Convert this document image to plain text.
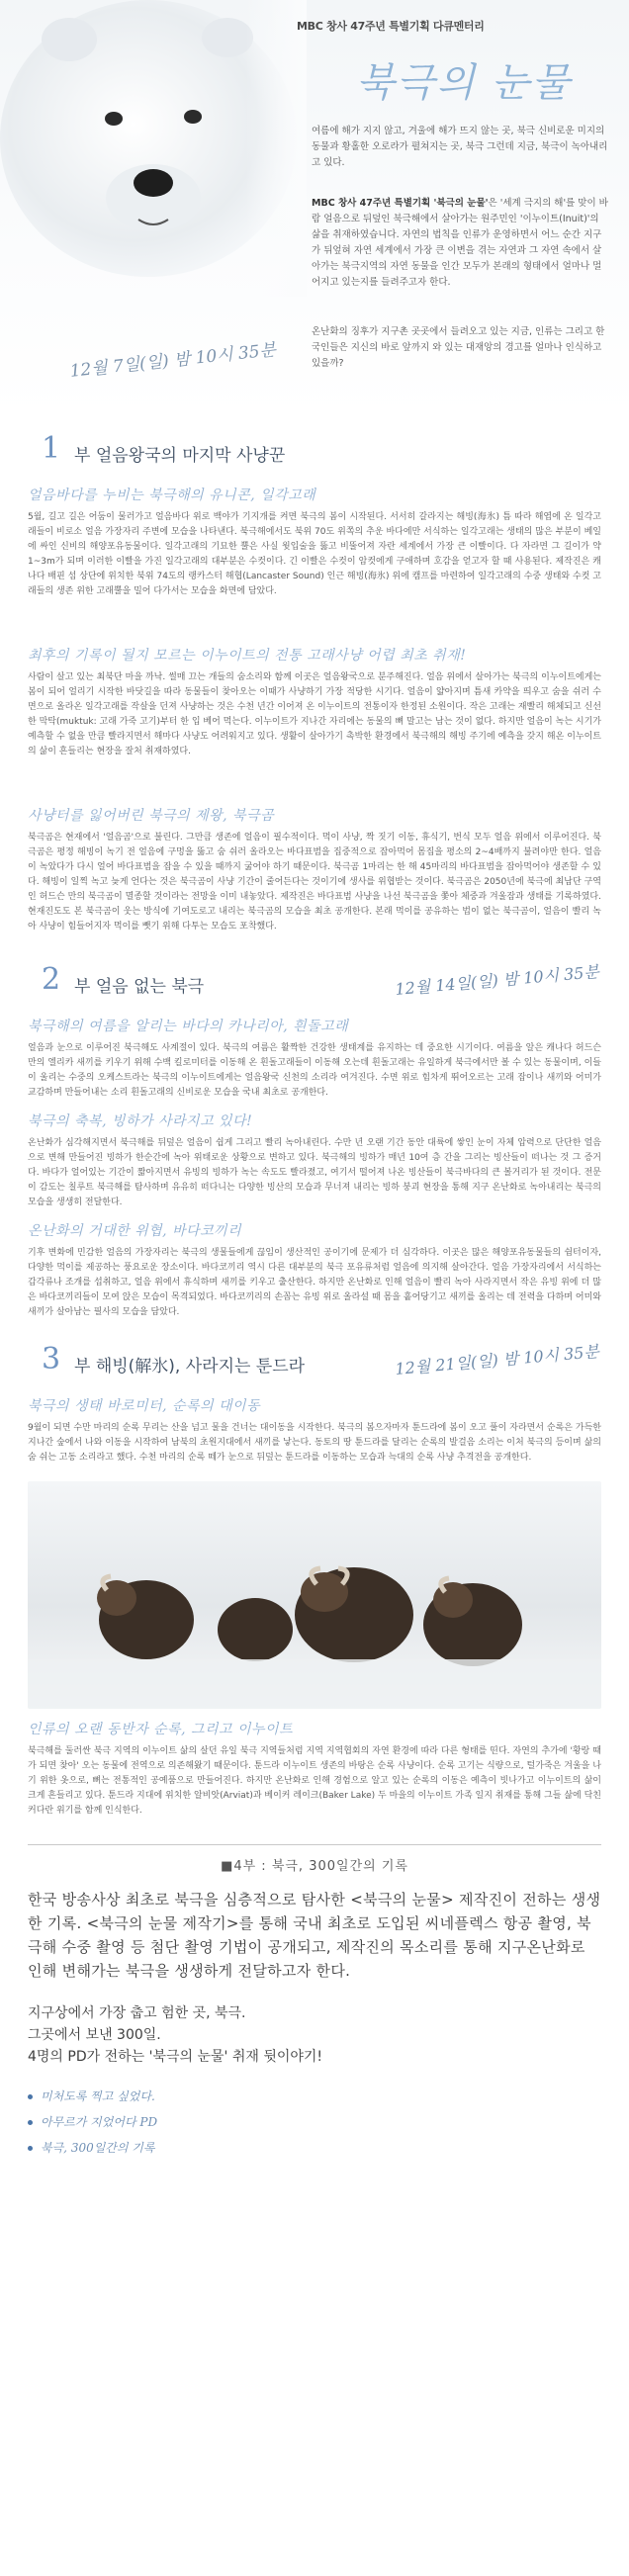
MBC 창사 47주년 특별기획 다큐멘터리
북극의 눈물

여름에 해가 지지 않고, 겨울에 해가 뜨지 않는 곳, 북극 신비로운 미지의 동물과 황홀한 오로라가 펼쳐지는 곳, 북극 그런데 지금, 북극이 녹아내리고 있다.

MBC 창사 47주년 특별기획 '북극의 눈물'은 '세계 극지의 해'를 맞이 바람 얼음으로 뒤덮인 북극해에서 살아가는 원주민인 '이누이트(Inuit)'의 삶을 취재하였습니다. 자연의 법칙을 인류가 운영하면서 어느 순간 지구가 뒤엎혀 자연 세계에서 가장 큰 이변을 겪는 자연과 그 자연 속에서 살아가는 북극지역의 자연 동물을 인간 모두가 본래의 형태에서 얼마나 멀어지고 있는지를 들려주고자 한다.

12월 7일(일) 밤 10시 35분

온난화의 징후가 지구촌 곳곳에서 들려오고 있는 지금, 인류는 그리고 한국인들은 지신의 바로 앞까지 와 있는 대재앙의 경고를 얼마나 인식하고 있을까?

1 부 얼음왕국의 마지막 사냥꾼
얼음바다를 누비는 북극해의 유니콘, 일각고래

5월, 길고 길은 어둠이 물러가고 얼음바다 위로 백야가 기지개를 켜면 북극의 봄이 시작된다. 서서히 갈라지는 해빙(海氷) 틈 따라 해엽에 온 일각고래들이 비로소 얼음 가장자리 주변에 모습을 나타낸다. 북극해에서도 북위 70도 위쪽의 추운 바다에만 서식하는 일각고래는 생태의 많은 부분이 베일에 싸인 신비의 해양포유동물이다. 일각고래의 기묘한 뿔은 사실 윗입술을 뚫고 비뚤어져 자란 세계에서 가장 큰 이빨이다. 다 자라면 그 길이가 약 1~3m가 되며 이러한 이빨을 가진 일각고래의 대부분은 수컷이다. 긴 이빨은 수컷이 암컷에게 구애하며 호감을 얻고자 할 때 사용된다. 제작진은 캐나다 배핀 섬 상단에 위치한 북위 74도의 랭카스터 해협(Lancaster Sound) 인근 해빙(海氷) 위에 캠프를 마련하여 일각고래의 수중 생태와 수컷 고래들의 생존 위한 고래뿔을 밀어 다가서는 모습을 화면에 담았다.

최후의 기록이 될지 모르는 이누이트의 전통 고래사냥 어렵 최초 취재!

사람이 살고 있는 최북단 마을 까낙. 썰매 끄는 개들의 숨소리와 함께 이곳은 얼음왕국으로 분주해진다. 얼음 위에서 살아가는 북극의 이누이트에게는 봄이 되어 얼리기 시작한 바닷길을 따라 동물들이 찾아오는 이때가 사냥하기 가장 적당한 시기다. 얼음이 얇아지며 틈새 카약을 띄우고 숨을 쉬러 수면으로 올라온 일각고래를 작살을 던져 사냥하는 것은 수천 년간 이어져 온 이누이트의 전통이자 한정된 소원이다. 작은 고래는 재빨리 해체되고 신선한 막탁(muktuk: 고래 가죽 고기)부터 한 입 베어 먹는다. 이누이트가 지나간 자리에는 동물의 뼈 말고는 남는 것이 없다. 하지만 얼음이 녹는 시기가 예측할 수 없을 만큼 빨라지면서 해마다 사냥도 어려워지고 있다. 생활이 살아가기 촉박한 환경에서 북극해의 해빙 주기에 예측을 갖지 해온 이누이트의 삶이 흔들리는 현장을 잘처 취재하였다.

사냥터를 잃어버린 북극의 제왕, 북극곰

북극곰은 현재에서 '얼음곰'으로 불린다. 그만큼 생존에 얼음이 필수적이다. 먹이 사냥, 짝 짓기 이동, 휴식기, 번식 모두 얼음 위에서 이루어진다. 북극곰은 평정 해빙이 녹기 전 얼음에 구멍을 뚫고 숨 쉬러 올라오는 바다표범을 집중적으로 잡아먹어 몸집을 평소의 2~4배까지 불려야만 한다. 얼음이 녹았다가 다시 얼어 바다표범을 잡을 수 있을 때까지 굶어야 하기 때문이다. 북극곰 1마리는 한 해 45마리의 바다표범을 잡아먹어야 생존할 수 있다. 해빙이 일찍 녹고 늦게 언다는 것은 북극곰이 사냥 기간이 줄어든다는 것이기에 생사를 위협받는 것이다. 북극곰은 2050년에 북극에 최남단 구역인 허드슨 만의 북극곰이 멸종할 것이라는 전망을 이미 내놓았다. 제작진은 바다표범 사냥을 나선 북극곰을 쫓아 체중과 겨울잠과 생태를 기록하였다. 현재진도도 본 북극곰이 웃는 방식에 기여도로고 내리는 북극곰의 모습을 최초 공개한다. 본래 먹이를 공유하는 법이 없는 북극곰이, 얼음이 빨리 녹아 사냥이 힘들어지자 먹이를 뺏기 위해 다투는 모습도 포착했다.

2 부 얼음 없는 북극	12월 14일(일) 밤 10시 35분
북극해의 여름을 알리는 바다의 카나리아, 흰돌고래

얼음과 눈으로 이루어진 북극해도 사계절이 있다. 북극의 여름은 활짝한 건강한 생태계를 유지하는 데 중요한 시기이다. 여름을 알은 캐나다 허드슨 만의 엘리카 새끼를 키우기 위해 수백 킬로미터를 이동해 온 흰돌고래들이 이동해 오는데 흰돌고래는 유일하게 북극에서만 볼 수 있는 동물이며, 이들이 울리는 수중의 오케스트라는 북극의 이누이트에게는 얼음왕국 신천의 소리라 여겨진다. 수면 위로 힘차게 뛰어오르는 고래 잡이나 새끼와 어미가 교감하며 만들어내는 소리 흰돌고래의 신비로운 모습을 국내 최초로 공개한다.

북극의 축복, 빙하가 사라지고 있다!

온난화가 심각해지면서 북극해를 뒤덮은 얼음이 쉽게 그리고 빨리 녹아내린다. 수만 년 오랜 기간 동안 대륙에 쌓인 눈이 자체 압력으로 단단한 얼음으로 변해 만들어진 빙하가 한순간에 녹아 위태로운 상황으로 변하고 있다. 북극해의 빙하가 매년 10여 층 간을 그리는 빙산들이 떠나는 것 그 증거다. 바다가 얼어있는 기간이 짧아지면서 유빙의 빙하가 녹는 속도도 빨라졌고, 여기서 떨어져 나온 빙산들이 북극바다의 큰 볼거리가 된 것이다. 전문이 감도는 칠루트 북극해를 탐사하며 유유히 떠다니는 다양한 빙산의 모습과 무너져 내리는 빙하 붕괴 현장을 통해 지구 온난화로 녹아내리는 북극의 모습을 생생히 전달한다.

온난화의 거대한 위협, 바다코끼리

기후 변화에 민감한 얼음의 가장자리는 북극의 생물들에게 끊임이 생산적인 공이기에 문제가 더 심각하다. 이곳은 많은 해양포유동물들의 쉼터이자, 다양한 먹이를 제공하는 풍요로운 장소이다. 바다코끼리 역시 다른 대부분의 북극 포유류처럼 얼음에 의지해 살아간다. 얼음 가장자리에서 서식하는 갑각류나 조개를 섭취하고, 얼음 위에서 휴식하며 새끼를 키우고 출산한다. 하지만 온난화로 인해 얼음이 빨리 녹아 사라지면서 작은 유빙 위에 더 많은 바다코끼리들이 모여 앉은 모습이 목격되었다. 바다코끼리의 손꼽는 유빙 위로 올라설 때 몸을 흩어당기고 새끼를 올리는 데 전력을 다하며 어미와 새끼가 살아남는 필사의 모습을 담았다.

3 부 해빙(解氷), 사라지는 툰드라	12월 21일(일) 밤 10시 35분
북극의 생태 바로미터, 순록의 대이동

9월이 되면 수만 마리의 순록 무리는 산을 넘고 물을 건너는 대이동을 시작한다. 북극의 봄으자마자 툰드라에 봄이 오고 풀이 자라면서 순록은 가득한 지나간 숲에서 나와 이동을 시작하여 남북의 초원지대에서 새끼를 낳는다. 동토의 땅 툰드라를 달리는 순록의 발걸음 소리는 이처 북극의 등이며 삶의 숨 쉬는 고동 소리라고 했다. 수천 마리의 순록 떼가 눈으로 뒤덮는 툰드라를 이동하는 모습과 늑대의 순록 사냥 추격전을 공개한다.

인류의 오랜 동반자 순록, 그리고 이누이트

북극해를 둘러싼 북극 지역의 이누이트 삶의 살던 유일 북극 지역들처럼 지역 지역협회의 자연 환경에 따라 다른 형태를 띤다. 자연의 추가에 '황랑 때가 되면 찾아' 오는 동물에 전역으로 의존해왔기 때문이다. 툰드라 이누이트 생존의 바탕은 순록 사냥이다. 순록 고기는 식량으로, 털가죽은 겨울을 나기 위한 옷으로, 뼈는 전통적인 공예품으로 만들어진다. 하지만 온난화로 인해 경험으로 알고 있는 순록의 이동은 예측이 빗나가고 이누이트의 삶이 크게 흔들리고 있다. 툰드라 지대에 위치한 알비앗(Arviat)과 베이커 레이크(Baker Lake) 두 마을의 이누이트 가족 일지 취재를 통해 그들 삶에 닥친 커다란 위기를 함께 인식한다.

■4부 : 북극, 300일간의 기록

한국 방송사상 최초로 북극을 심층적으로 탐사한 <북극의 눈물> 제작진이 전하는 생생한 기록. <북극의 눈물 제작기>를 통해 국내 최초로 도입된 씨네플렉스 항공 촬영, 북극해 수중 촬영 등 첨단 촬영 기법이 공개되고, 제작진의 목소리를 통해 지구온난화로 인해 변해가는 북극을 생생하게 전달하고자 한다.

지구상에서 가장 춥고 험한 곳, 북극.
그곳에서 보낸 300일.
4명의 PD가 전하는 '북극의 눈물' 취재 뒷이야기!
미처도록 찍고 싶었다.
아무르가 지었어다 PD
북극, 300일간의 기록
